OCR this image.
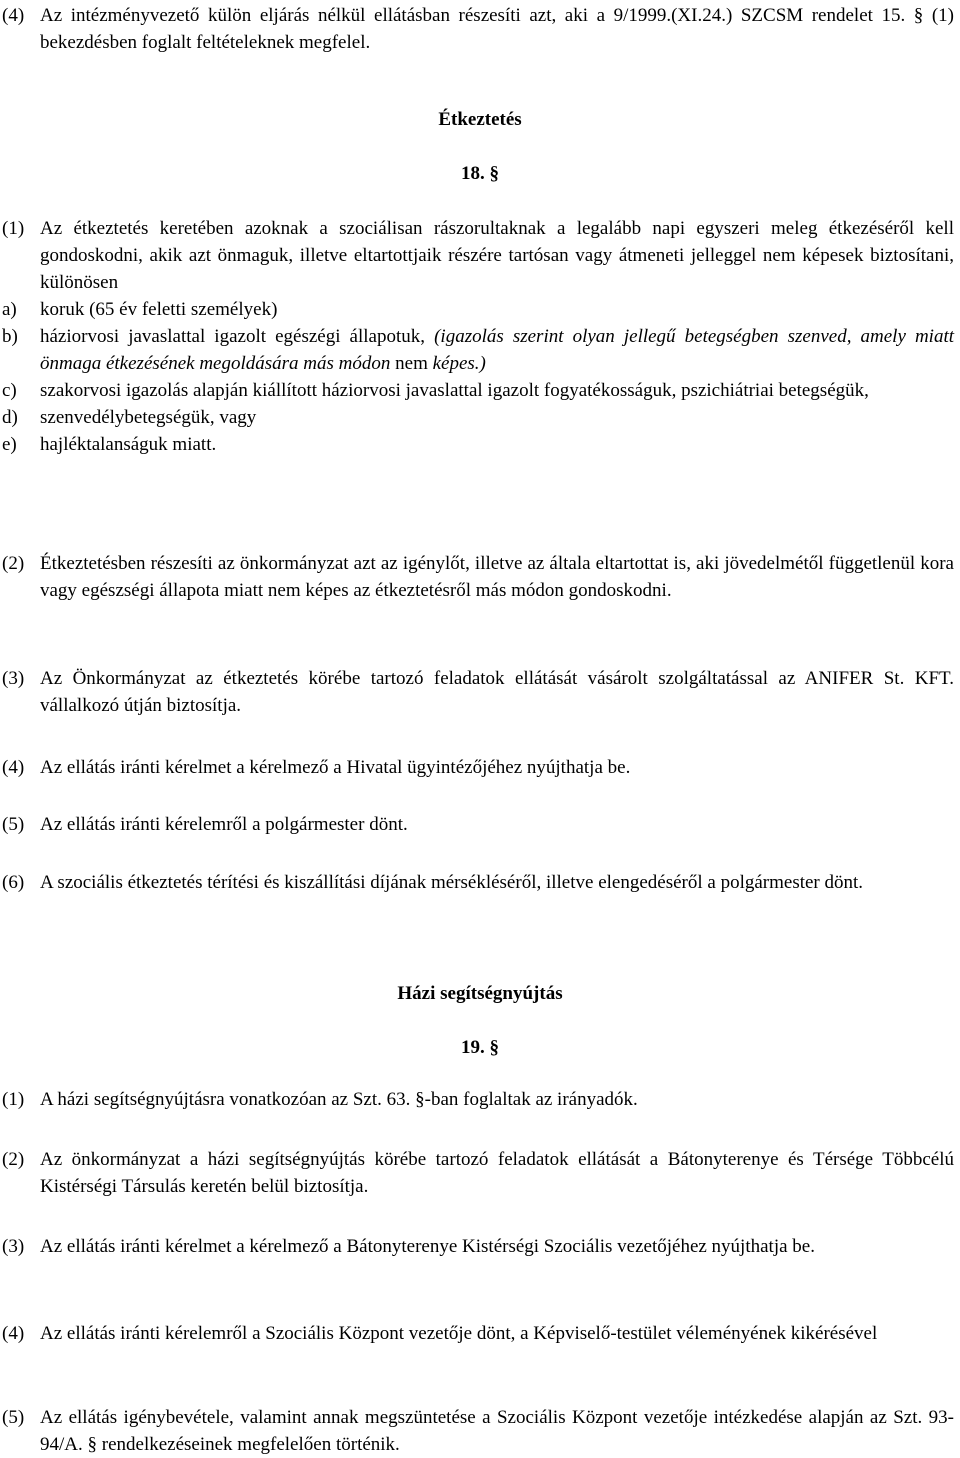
(4) Az intézményvezető külön eljárás nélkül ellátásban részesíti azt, aki a 9/1999.(XI.24.) SZCSM rendelet 15. § (1) bekezdésben foglalt feltételeknek megfelel.

Étkeztetés
18. §

(1) Az étkeztetés keretében azoknak a szociálisan rászorultaknak a legalább napi egyszeri meleg étkezéséről kell gondoskodni, akik azt önmaguk, illetve eltartottjaik részére tartósan vagy átmeneti jelleggel nem képesek biztosítani, különösen

a) koruk (65 év feletti személyek)
b) háziorvosi javaslattal igazolt egészégi állapotuk, (igazolás szerint olyan jellegű betegségben szenved, amely miatt önmaga étkezésének megoldására más módon nem képes.)
c) szakorvosi igazolás alapján kiállított háziorvosi javaslattal igazolt fogyatékosságuk, pszichiátriai betegségük,
d) szenvedélybetegségük, vagy
e) hajléktalanságuk miatt.

(2) Étkeztetésben részesíti az önkormányzat azt az igénylőt, illetve az általa eltartottat is, aki jövedelmétől függetlenül kora vagy egészségi állapota miatt nem képes az étkeztetésről más módon gondoskodni.

(3) Az Önkormányzat az étkeztetés körébe tartozó feladatok ellátását vásárolt szolgáltatással az ANIFER St. KFT. vállalkozó útján biztosítja.

(4) Az ellátás iránti kérelmet a kérelmező a Hivatal ügyintézőjéhez nyújthatja be.

(5) Az ellátás iránti kérelemről a polgármester dönt.

(6) A szociális étkeztetés térítési és kiszállítási díjának mérsékléséről, illetve elengedéséről a polgármester dönt.

Házi segítségnyújtás
19. §

(1) A házi segítségnyújtásra vonatkozóan az Szt. 63. §-ban foglaltak az irányadók.

(2) Az önkormányzat a házi segítségnyújtás körébe tartozó feladatok ellátását a Bátonyterenye és Térsége Többcélú Kistérségi Társulás keretén belül biztosítja.

(3) Az ellátás iránti kérelmet a kérelmező a Bátonyterenye Kistérségi Szociális vezetőjéhez nyújthatja be.

(4) Az ellátás iránti kérelemről a Szociális Központ vezetője dönt, a Képviselő-testület véleményének kikérésével

(5) Az ellátás igénybevétele, valamint annak megszüntetése a Szociális Központ vezetője intézkedése alapján az Szt. 93-94/A. § rendelkezéseinek megfelelően történik.
